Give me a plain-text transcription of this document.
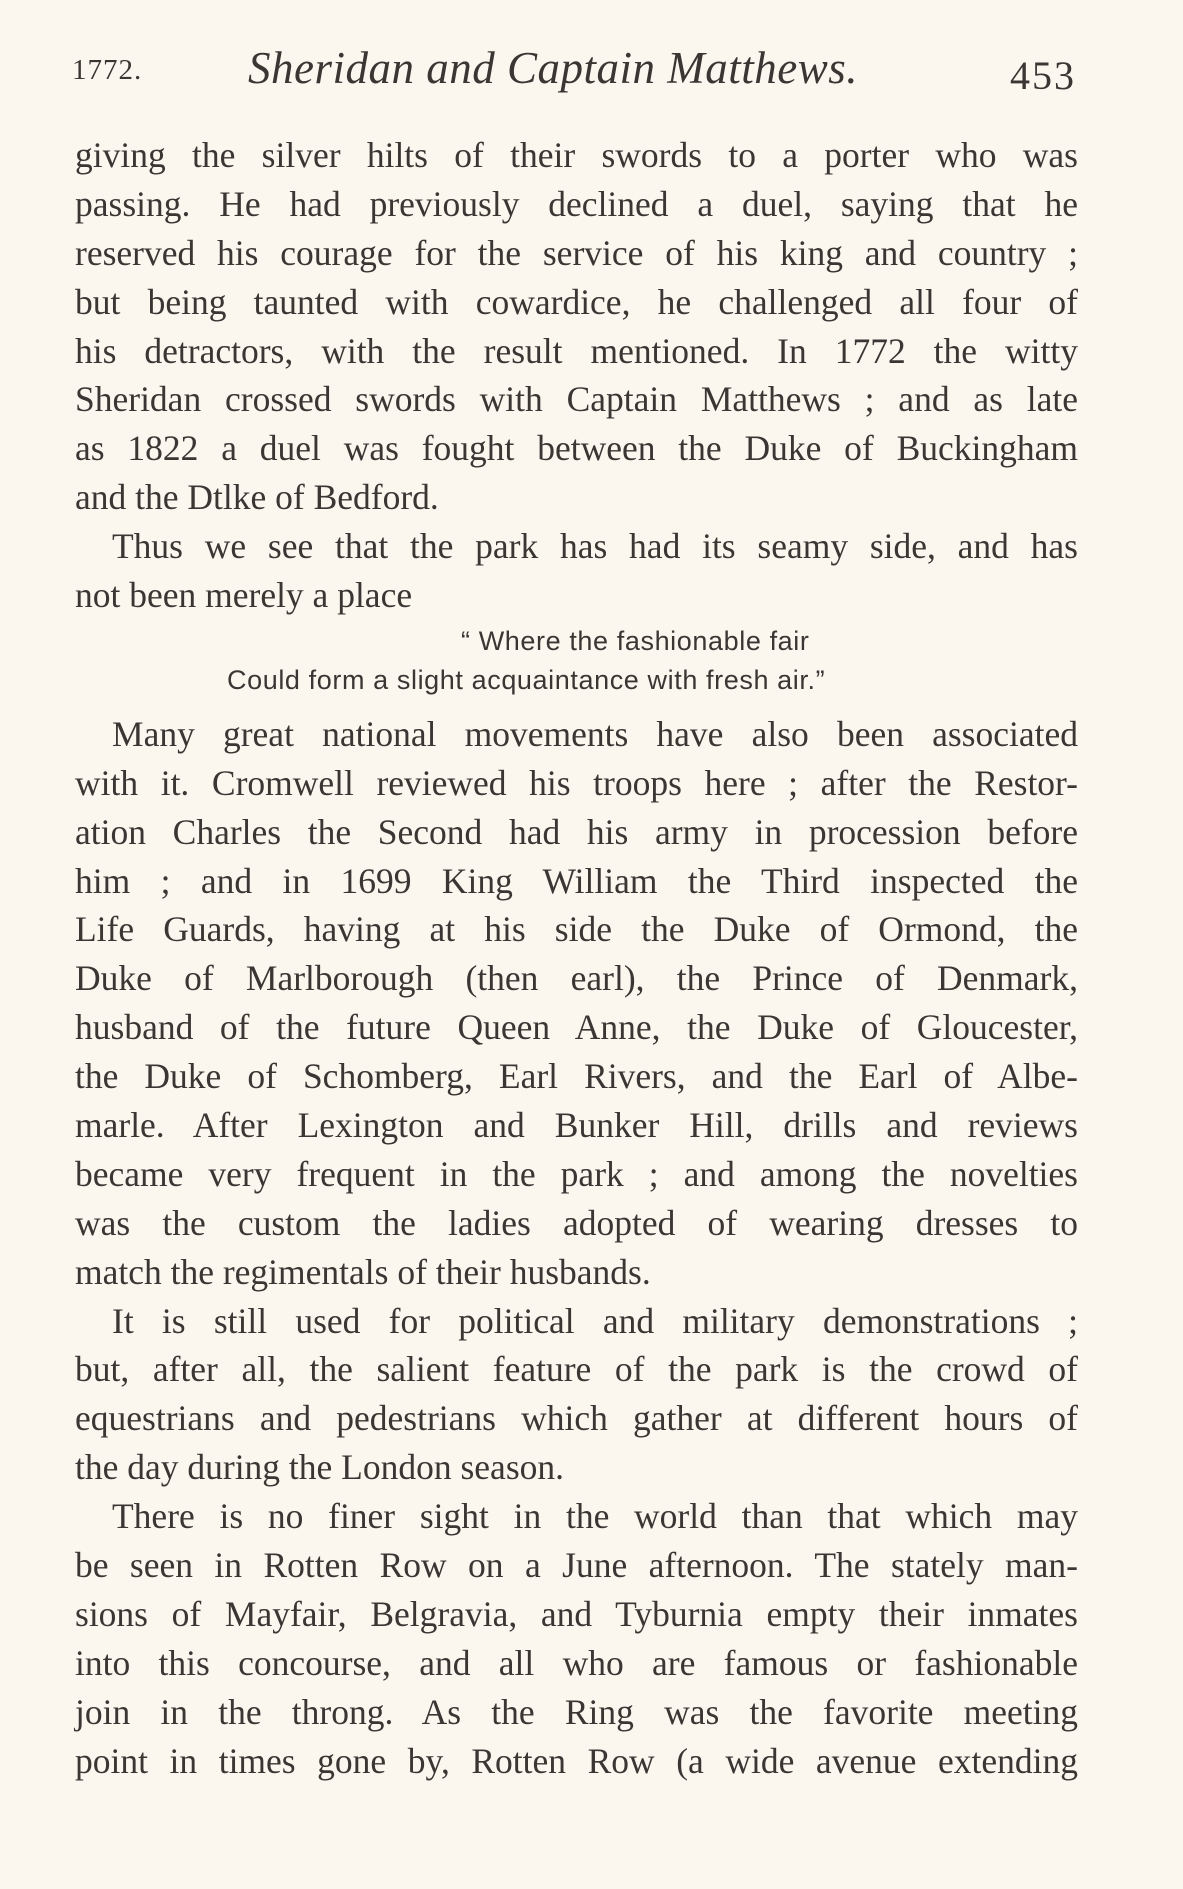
1772. Sheridan and Captain Matthews.	453
giving the silver hilts of their swords to a porter who was
passing. He had previously declined a duel, saying that he
reserved his courage for the service of his king and country ;
but being taunted with cowardice, he challenged all four of
his detractors, with the result mentioned. In 1772 the witty
Sheridan crossed swords with Captain Matthews ; and as late
as 1822 a duel was fought between the Duke of Buckingham
and the Dtlke of Bedford.
Thus we see that the park has had its seamy side, and has
not been merely a place
“ Where the fashionable fair
Could form a slight acquaintance with fresh air.”
Many great national movements have also been associated
with it. Cromwell reviewed his troops here ; after the Restor-
ation Charles the Second had his army in procession before
him ; and in 1699 King William the Third inspected the
Life Guards, having at his side the Duke of Ormond, the
Duke of Marlborough (then earl), the Prince of Denmark,
husband of the future Queen Anne, the Duke of Gloucester,
the Duke of Schomberg, Earl Rivers, and the Earl of Albe-
marle. After Lexington and Bunker Hill, drills and reviews
became very frequent in the park ; and among the novelties
was the custom the ladies adopted of wearing dresses to
match the regimentals of their husbands.
It is still used for political and military demonstrations ;
but, after all, the salient feature of the park is the crowd of
equestrians and pedestrians which gather at different hours of
the day during the London season.
There is no finer sight in the world than that which may
be seen in Rotten Row on a June afternoon. The stately man-
sions of Mayfair, Belgravia, and Tyburnia empty their inmates
into this concourse, and all who are famous or fashionable
join in the throng. As the Ring was the favorite meeting
point in times gone by, Rotten Row (a wide avenue extending
